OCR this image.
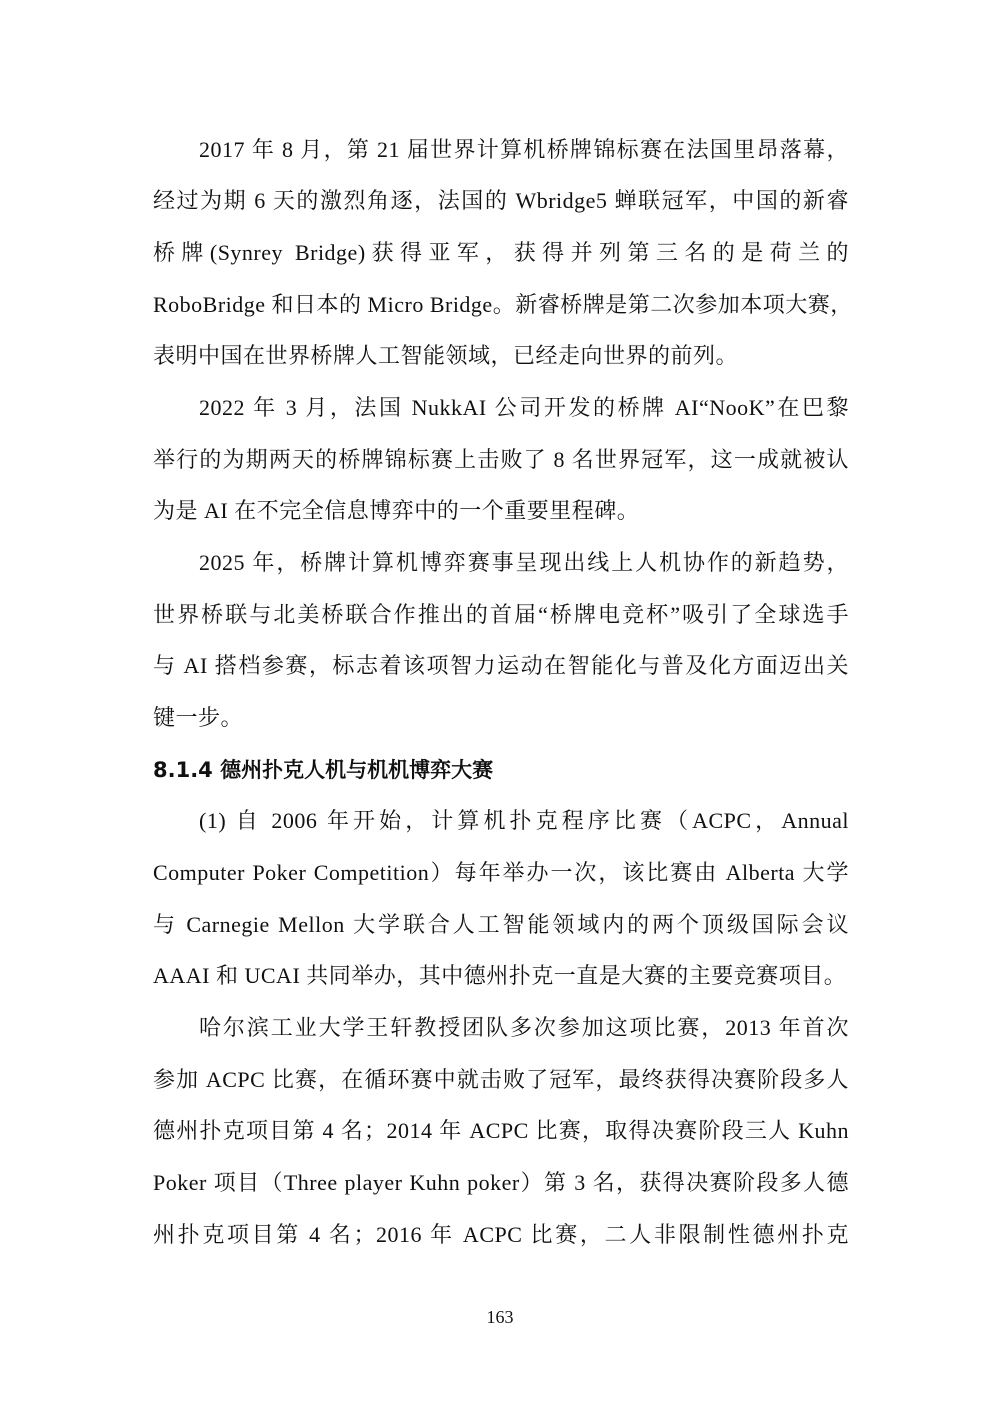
2017 年 8 月，第 21 届世界计算机桥牌锦标赛在法国里昂落幕，
经过为期 6 天的激烈角逐，法国的 Wbridge5 蝉联冠军，中国的新睿
桥牌(Synrey Bridge)获得亚军，获得并列第三名的是荷兰的
RoboBridge 和日本的 Micro Bridge。新睿桥牌是第二次参加本项大赛，
表明中国在世界桥牌人工智能领域，已经走向世界的前列。
2022 年 3 月，法国 NukkAI 公司开发的桥牌 AI“NooK”在巴黎
举行的为期两天的桥牌锦标赛上击败了 8 名世界冠军，这一成就被认
为是 AI 在不完全信息博弈中的一个重要里程碑。
2025 年，桥牌计算机博弈赛事呈现出线上人机协作的新趋势，
世界桥联与北美桥联合作推出的首届“桥牌电竞杯”吸引了全球选手
与 AI 搭档参赛，标志着该项智力运动在智能化与普及化方面迈出关
键一步。
8.1.4 德州扑克人机与机机博弈大赛
(1) 自 2006 年开始，计算机扑克程序比赛（ACPC，Annual
Computer Poker Competition）每年举办一次，该比赛由 Alberta 大学
与 Carnegie Mellon 大学联合人工智能领域内的两个顶级国际会议
AAAI 和 UCAI 共同举办，其中德州扑克一直是大赛的主要竞赛项目。
哈尔滨工业大学王轩教授团队多次参加这项比赛，2013 年首次
参加 ACPC 比赛，在循环赛中就击败了冠军，最终获得决赛阶段多人
德州扑克项目第 4 名；2014 年 ACPC 比赛，取得决赛阶段三人 Kuhn
Poker 项目（Three player Kuhn poker）第 3 名，获得决赛阶段多人德
州扑克项目第 4 名；2016 年 ACPC 比赛，二人非限制性德州扑克
163
